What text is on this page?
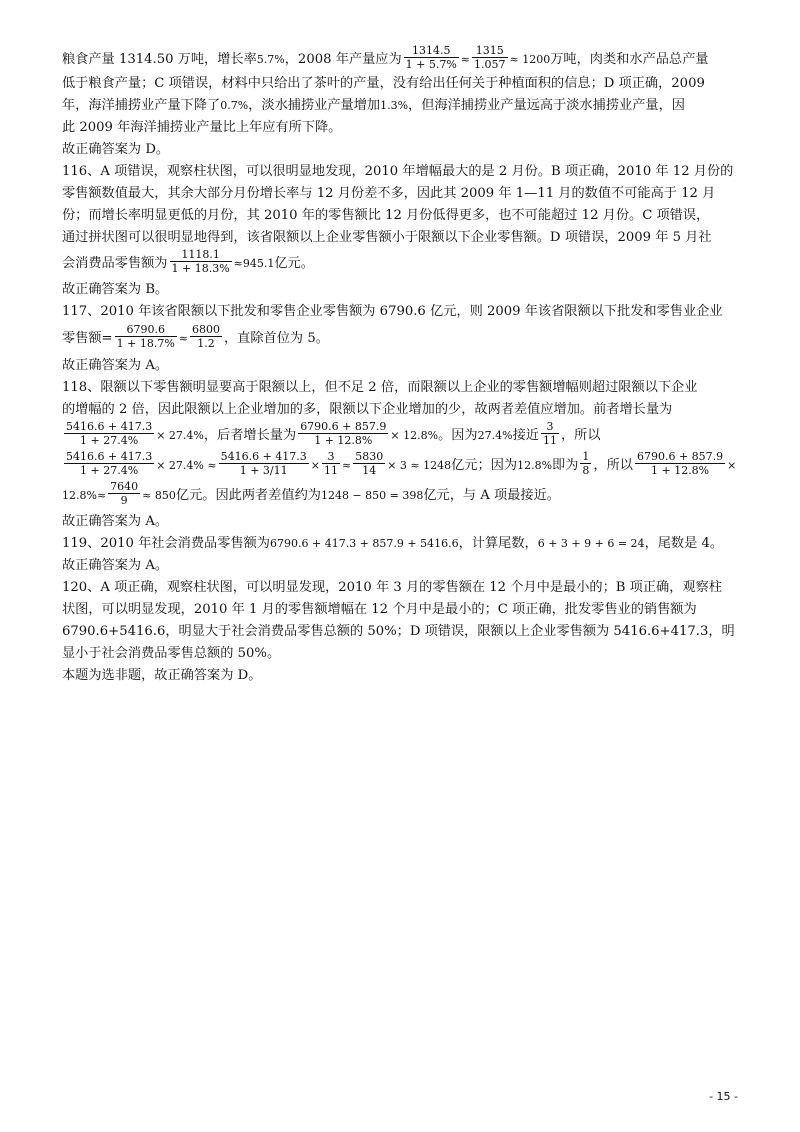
粮食产量 1314.50 万吨，增长率5.7%，2008 年产量应为 $\frac{1314.5}{1 + 5.7\%} \approx \frac{1315}{1.057} \approx 1200$万吨，肉类和水产品总产量
低于粮食产量；C 项错误，材料中只给出了茶叶的产量，没有给出任何关于种植面积的信息；D 项正确，2009
年，海洋捕捞业产量下降了0.7%，淡水捕捞业产量增加1.3%，但海洋捕捞业产量远高于淡水捕捞业产量，因
此 2009 年海洋捕捞业产量比上年应有所下降。
故正确答案为 D。
116、A 项错误，观察柱状图，可以很明显地发现，2010 年增幅最大的是 2 月份。B 项正确，2010 年 12 月份的
零售额数值最大，其余大部分月份增长率与 12 月份差不多，因此其 2009 年 1—11 月的数值不可能高于 12 月
份；而增长率明显更低的月份，其 2010 年的零售额比 12 月份低得更多，也不可能超过 12 月份。C 项错误，
通过拼状图可以很明显地得到，该省限额以上企业零售额小于限额以下企业零售额。D 项错误，2009 年 5 月社
会消费品零售额为 $\frac{1118.1}{1 + 18.3\%} \approx 945.1$亿元。
故正确答案为 B。
117、2010 年该省限额以下批发和零售企业零售额为 6790.6 亿元，则 2009 年该省限额以下批发和零售业企业
零售额= $\frac{6790.6}{1 + 18.7\%} \approx \frac{6800}{1.2}$ ，直除首位为 5。
故正确答案为 A。
118、限额以下零售额明显要高于限额以上，但不足 2 倍，而限额以上企业的零售额增幅则超过限额以下企业
的增幅的 2 倍，因此限额以上企业增加的多，限额以下企业增加的少，故两者差值应增加。前者增长量为
$\frac{5416.6 + 417.3}{1 + 27.4\%} \times 27.4\%$，后者增长量为 $\frac{6790.6 + 857.9}{1 + 12.8\%} \times 12.8\%$。因为27.4%接近 $\frac{3}{11}$ ，所以
$\frac{5416.6 + 417.3}{1 + 27.4\%} \times 27.4\% \approx \frac{5416.6 + 417.3}{1 + 3/11} \times \frac{3}{11} \approx \frac{5830}{14} \times 3 \approx 1248$亿元；因为12.8%即为 $\frac{1}{8}$ ，所以 $\frac{6790.6 + 857.9}{1 + 12.8\%}$ ×
$12.8\%\approx \frac{7640}{9} \approx 850$亿元。因此两者差值约为1248 − 850 = 398亿元，与 A 项最接近。
故正确答案为 A。
119、2010 年社会消费品零售额为6790.6 + 417.3 + 857.9 + 5416.6，计算尾数，6 + 3 + 9 + 6 = 24，尾数是 4。
故正确答案为 A。
120、A 项正确，观察柱状图，可以明显发现，2010 年 3 月的零售额在 12 个月中是最小的；B 项正确，观察柱
状图，可以明显发现，2010 年 1 月的零售额增幅在 12 个月中是最小的；C 项正确，批发零售业的销售额为
6790.6+5416.6，明显大于社会消费品零售总额的 50%；D 项错误，限额以上企业零售额为 5416.6+417.3，明
显小于社会消费品零售总额的 50%。
本题为选非题，故正确答案为 D。
- 15 -
